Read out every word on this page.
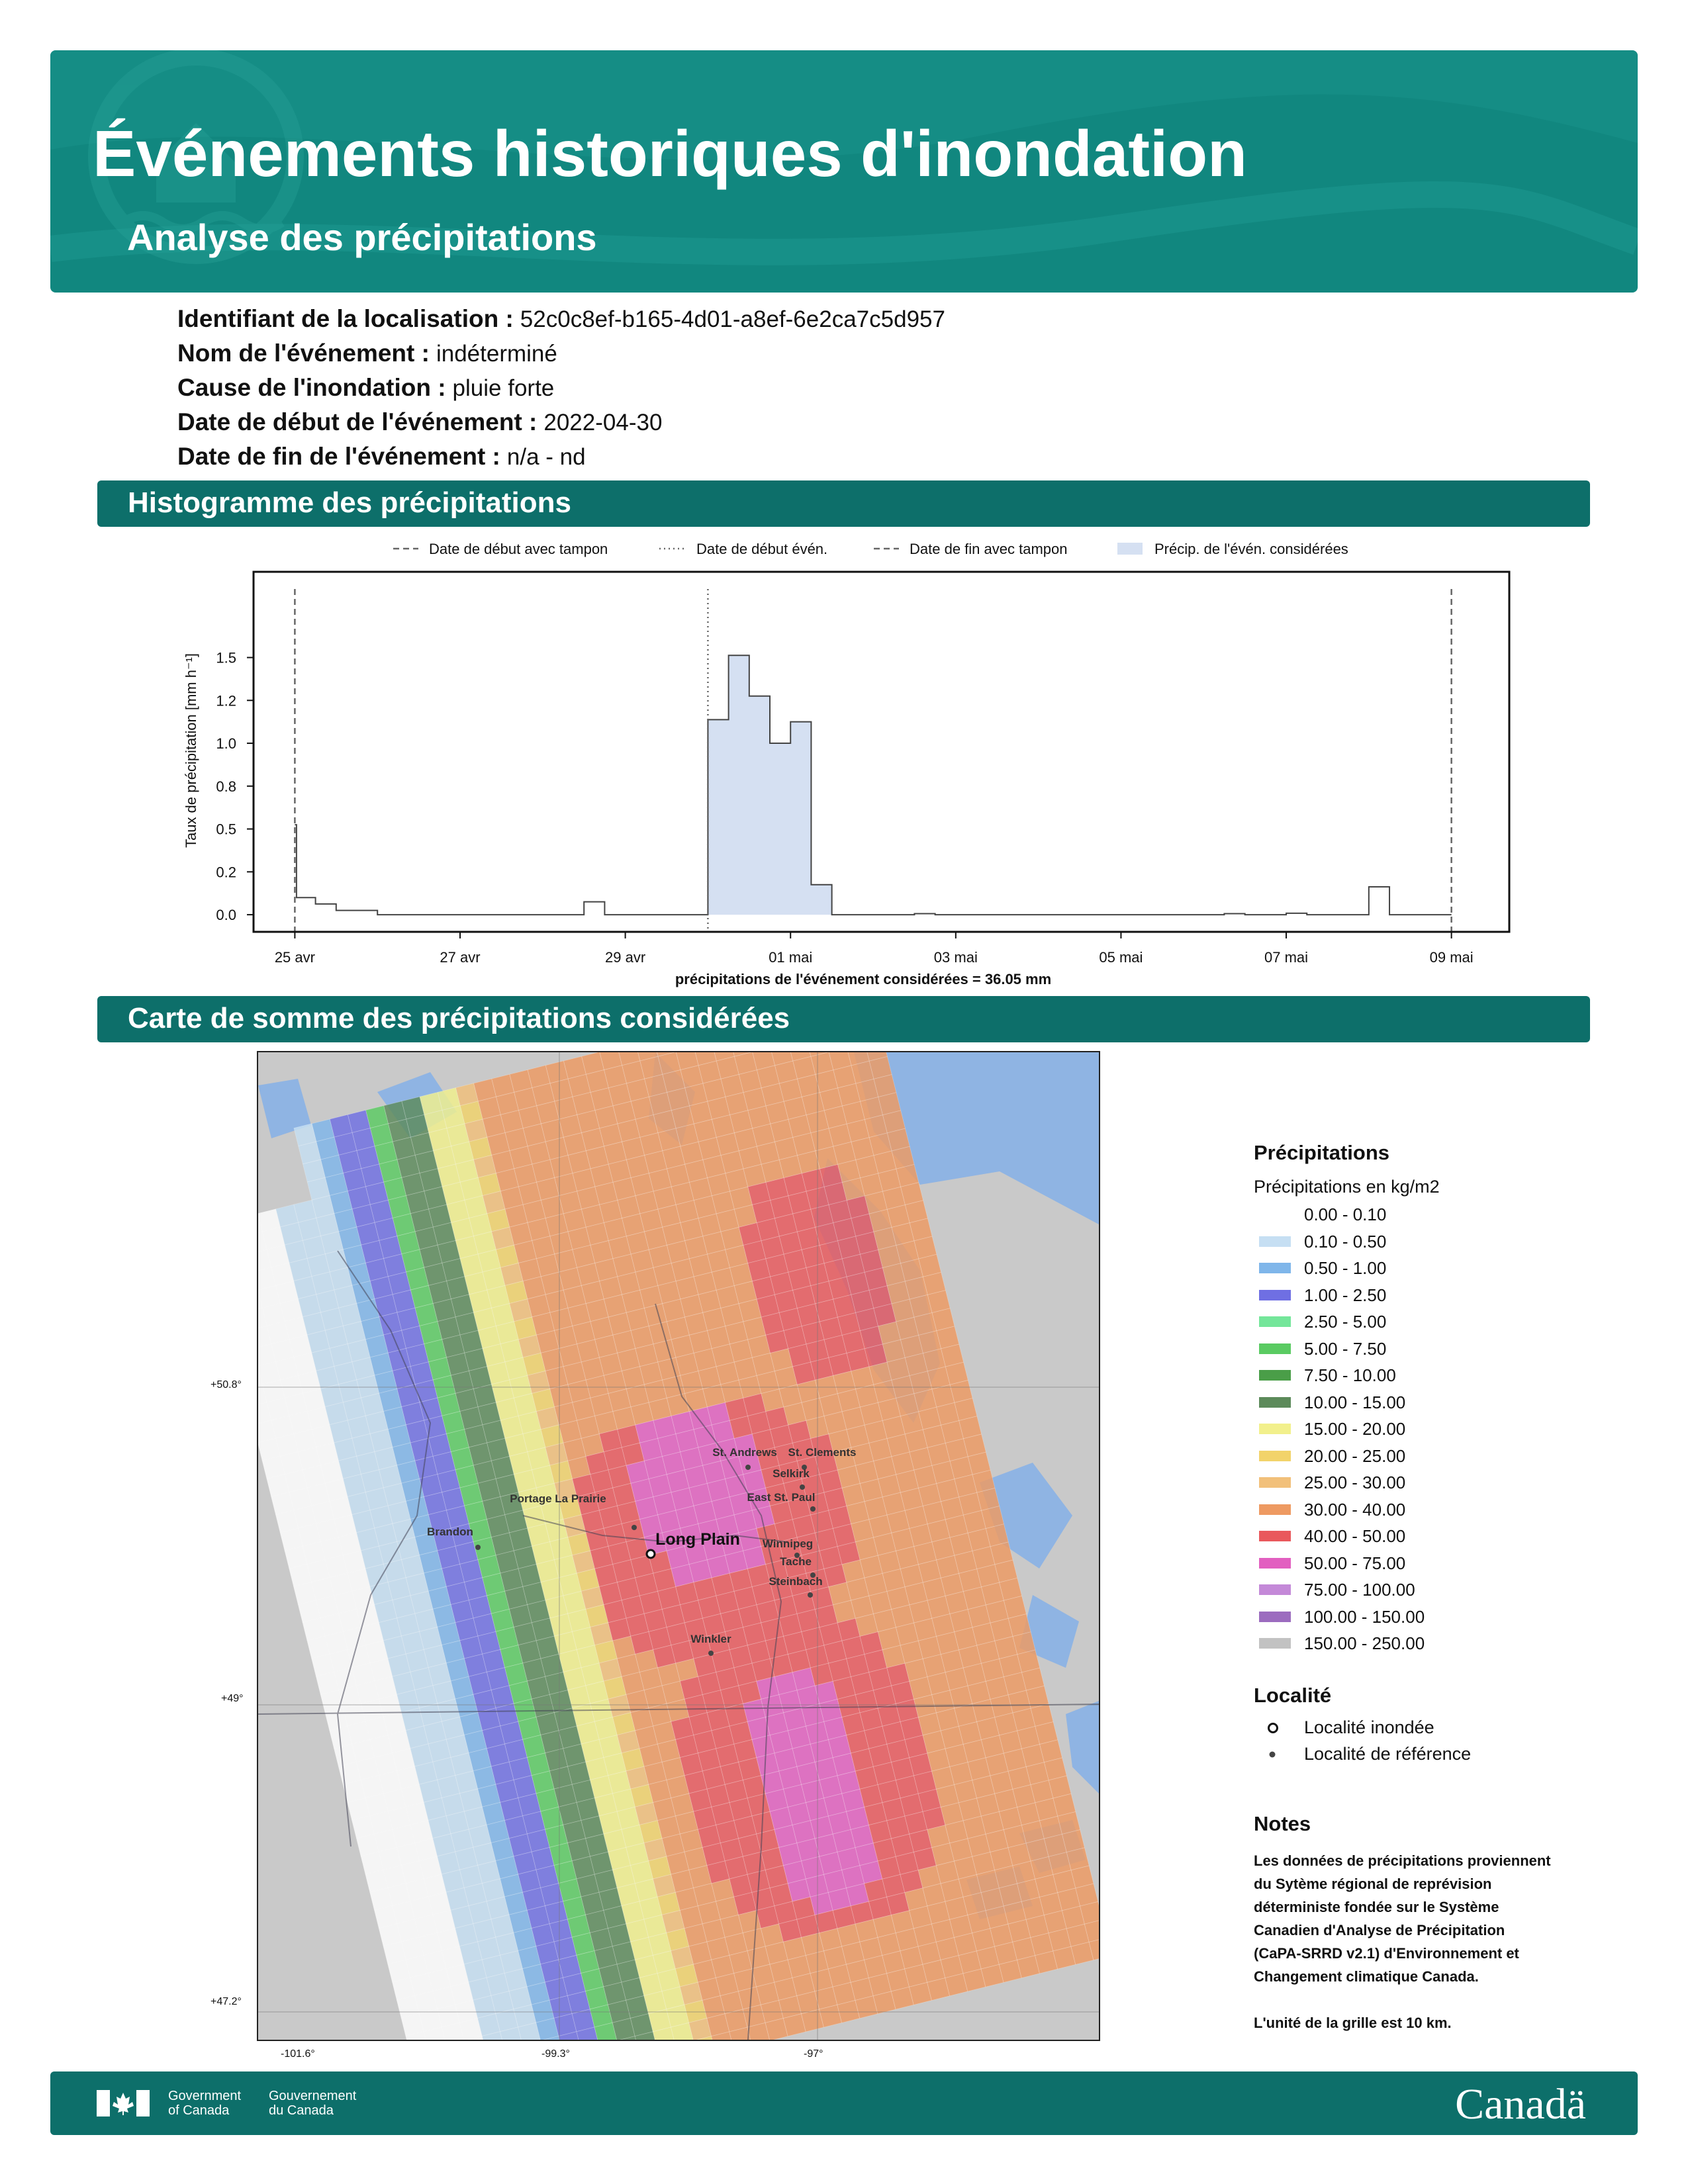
Événements historiques d'inondation
Analyse des précipitations
Identifiant de la localisation : 52c0c8ef-b165-4d01-a8ef-6e2ca7c5d957
Nom de l'événement : indéterminé
Cause de l'inondation : pluie forte
Date de début de l'événement : 2022-04-30
Date de fin de l'événement : n/a - nd
Histogramme des précipitations
Date de début avec tampon	Date de début évén.	Date de fin avec tampon	Précip. de l'évén. considérées
0.0
0.2
0.5
0.8
1.0
1.2
1.5
25 avr	27 avr	29 avr	01 mai	03 mai	05 mai	07 mai	09 mai
Taux de précipitation [mm h⁻¹]
précipitations de l'événement considérées = 36.05 mm
Carte de somme des précipitations considérées
St. Andrews St. Clements
Selkirk
Portage La Prairie	East St. Paul
Brandon
Winnipeg
Tache
Steinbach
Winkler
Long Plain
+50.8°
+49°
+47.2°
-101.6°	-99.3°	-97°
Précipitations
Précipitations en kg/m2
0.00 - 0.10
0.10 - 0.50
0.50 - 1.00
1.00 - 2.50
2.50 - 5.00
5.00 - 7.50
7.50 - 10.00
10.00 - 15.00
15.00 - 20.00
20.00 - 25.00
25.00 - 30.00
30.00 - 40.00
40.00 - 50.00
50.00 - 75.00
75.00 - 100.00
100.00 - 150.00
150.00 - 250.00
Localité
Localité inondée
Localité de référence
Notes
Les données de précipitations proviennent
du Sytème régional de reprévision
déterministe fondée sur le Système
Canadien d'Analyse de Précipitation
(CaPA-SRRD v2.1) d'Environnement et
Changement climatique Canada.
L'unité de la grille est 10 km.
Government
of Canada
Gouvernement
du Canada	Canadä
